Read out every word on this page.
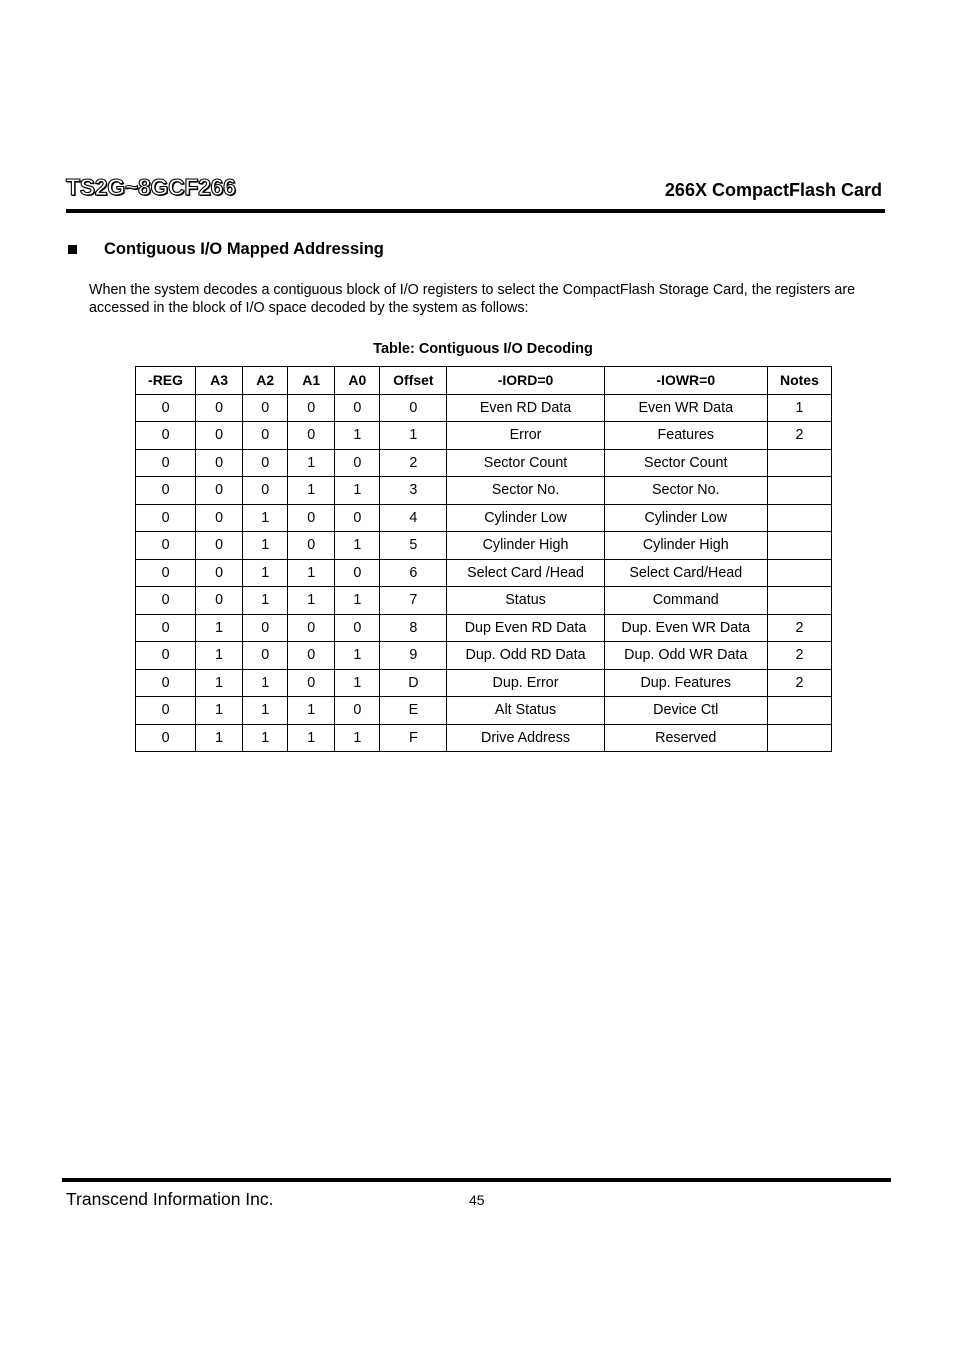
TS2G~8GCF266	266X CompactFlash Card
Contiguous I/O Mapped Addressing
When the system decodes a contiguous block of I/O registers to select the CompactFlash Storage Card, the registers are accessed in the block of I/O space decoded by the system as follows:
Table: Contiguous I/O Decoding
-REG	A3	A2	A1	A0	Offset	-IORD=0	-IOWR=0	Notes
0	0	0	0	0	0	Even RD Data	Even WR Data	1
0	0	0	0	1	1	Error	Features	2
0	0	0	1	0	2	Sector Count	Sector Count	
0	0	0	1	1	3	Sector No.	Sector No.	
0	0	1	0	0	4	Cylinder Low	Cylinder Low	
0	0	1	0	1	5	Cylinder High	Cylinder High	
0	0	1	1	0	6	Select Card /Head	Select Card/Head	
0	0	1	1	1	7	Status	Command	
0	1	0	0	0	8	Dup Even RD Data	Dup. Even WR Data	2
0	1	0	0	1	9	Dup. Odd RD Data	Dup. Odd WR Data	2
0	1	1	0	1	D	Dup. Error	Dup. Features	2
0	1	1	1	0	E	Alt Status	Device Ctl	
0	1	1	1	1	F	Drive Address	Reserved	
Transcend Information Inc.	45
